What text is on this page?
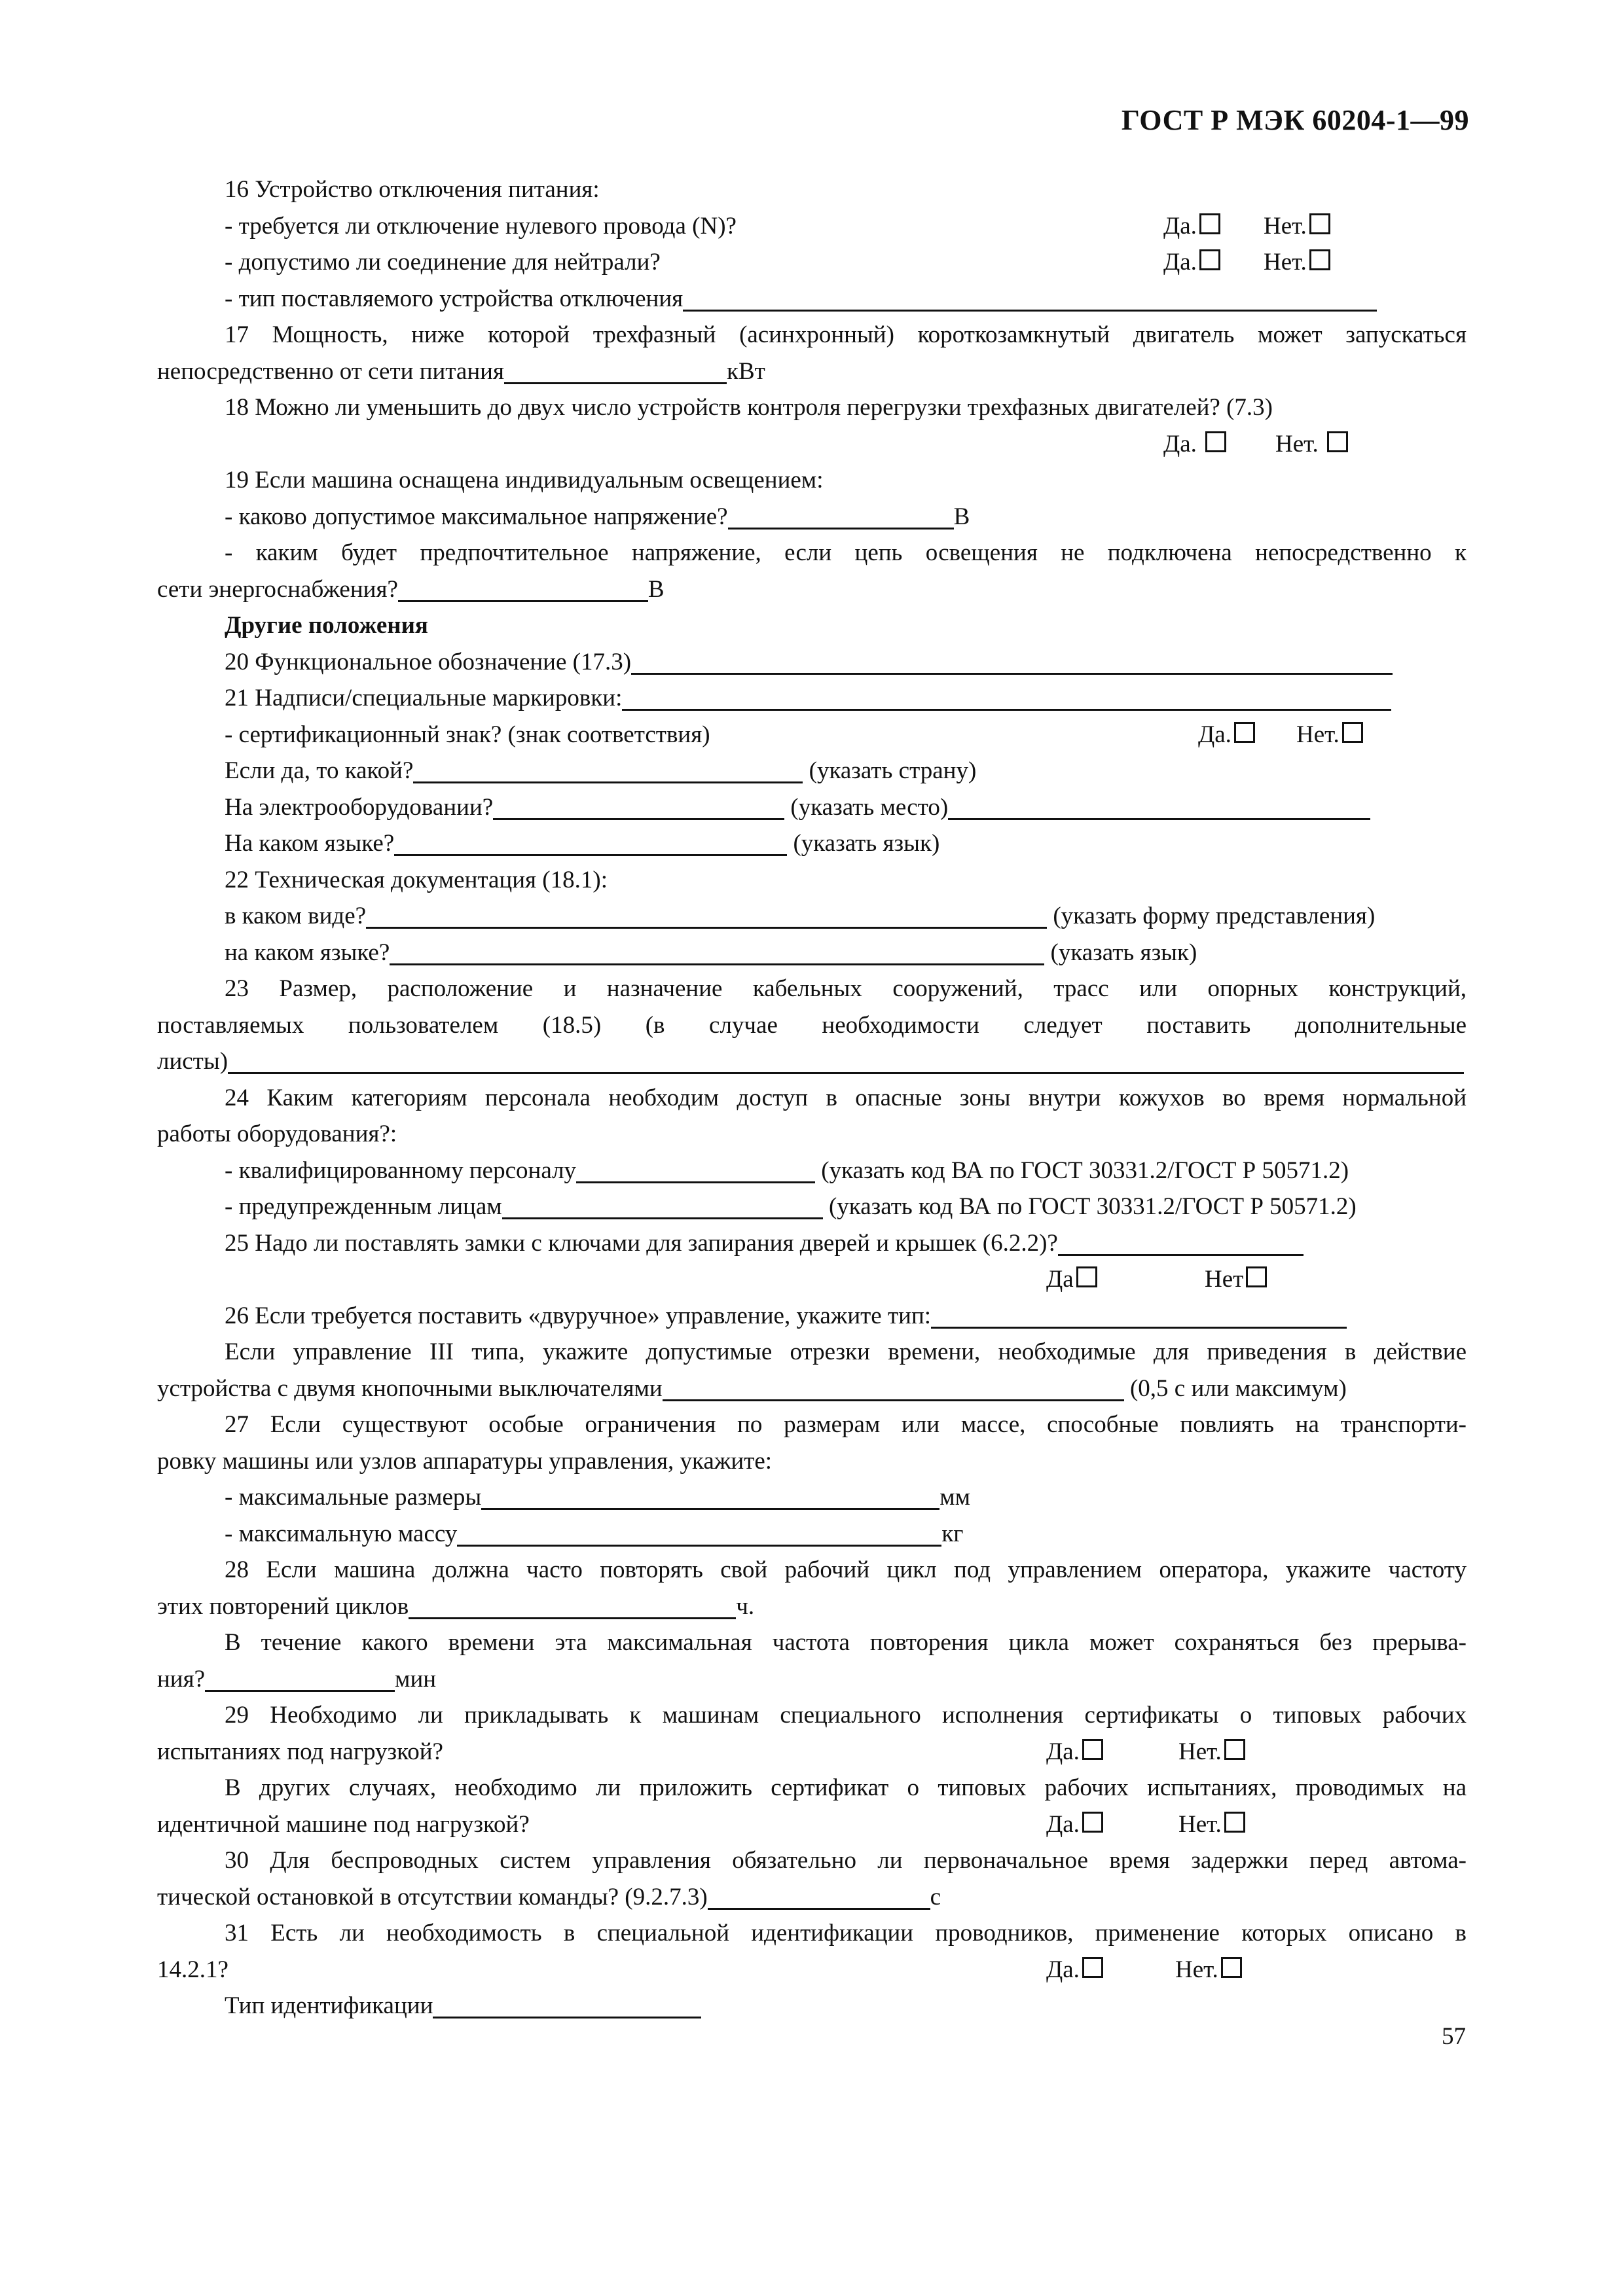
ГОСТ Р МЭК 60204-1—99
16 Устройство отключения питания:
- требуется ли отключение нулевого провода (N)?	Да.	Нет.
- допустимо ли соединение для нейтрали?	Да.	Нет.
- тип поставляемого устройства отключения
17 Мощность, ниже которой трехфазный (асинхронный) короткозамкнутый двигатель может запускаться
непосредственно от сети питания	кВт
18 Можно ли уменьшить до двух число устройств контроля перегрузки трехфазных двигателей? (7.3)
Да.	Нет.
19 Если машина оснащена индивидуальным освещением:
- каково допустимое максимальное напряжение?	В
- каким будет предпочтительное напряжение, если цепь освещения не подключена непосредственно к
сети энергоснабжения?	В
Другие положения
20 Функциональное обозначение (17.3)
21 Надписи/специальные маркировки:
- сертификационный знак? (знак соответствия)	Да.	Нет.
Если да, то какой?	(указать страну)
На электрооборудовании?	(указать место)
На каком языке?	(указать язык)
22 Техническая документация (18.1):
в каком виде?	(указать форму представления)
на каком языке?	(указать язык)
23 Размер, расположение и назначение кабельных сооружений, трасс или опорных конструкций,
поставляемых пользователем (18.5) (в случае необходимости следует поставить дополнительные
листы)
24 Каким категориям персонала необходим доступ в опасные зоны внутри кожухов во время нормальной
работы оборудования?:
- квалифицированному персоналу	(указать код ВА по ГОСТ 30331.2/ГОСТ Р 50571.2)
- предупрежденным лицам	(указать код ВА по ГОСТ 30331.2/ГОСТ Р 50571.2)
25 Надо ли поставлять замки с ключами для запирания дверей и крышек (6.2.2)?
Да	Нет
26 Если требуется поставить «двуручное» управление, укажите тип:
Если управление III типа, укажите допустимые отрезки времени, необходимые для приведения в действие
устройства с двумя кнопочными выключателями	(0,5 с или максимум)
27 Если существуют особые ограничения по размерам или массе, способные повлиять на транспорти-
ровку машины или узлов аппаратуры управления, укажите:
- максимальные размеры	мм
- максимальную массу	кг
28 Если машина должна часто повторять свой рабочий цикл под управлением оператора, укажите частоту
этих повторений циклов	ч.
В течение какого времени эта максимальная частота повторения цикла может сохраняться без прерыва-
ния?	мин
29 Необходимо ли прикладывать к машинам специального исполнения сертификаты о типовых рабочих
испытаниях под нагрузкой?	Да.	Нет.
В других случаях, необходимо ли приложить сертификат о типовых рабочих испытаниях, проводимых на
идентичной машине под нагрузкой?	Да.	Нет.
30 Для беспроводных систем управления обязательно ли первоначальное время задержки перед автома-
тической остановкой в отсутствии команды? (9.2.7.3)	с
31 Есть ли необходимость в специальной идентификации проводников, применение которых описано в
14.2.1?	Да.	Нет.
Тип идентификации
57
